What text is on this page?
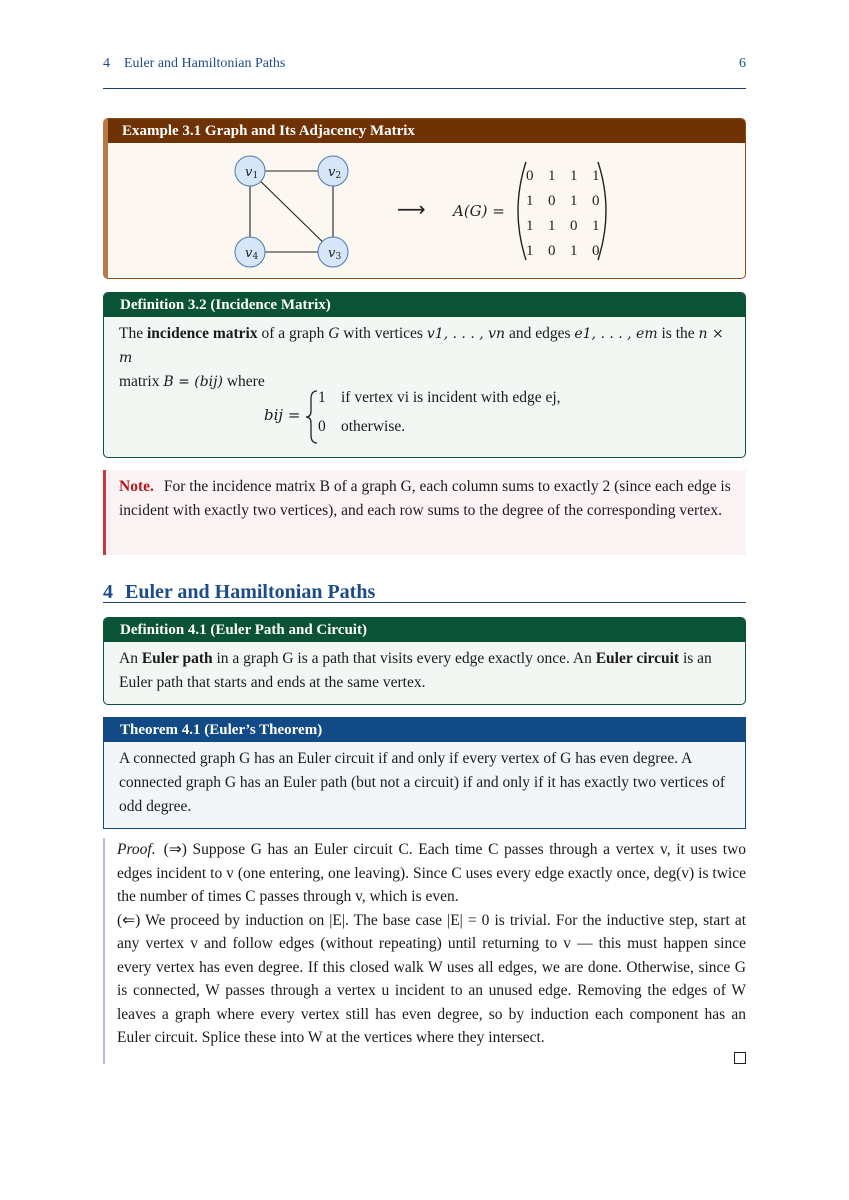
4 Euler and Hamiltonian Paths	6
Example 3.1 Graph and Its Adjacency Matrix
v 1	v 2
v 4	v 3
⟶ A(G) =
0 1 1 1
1 0 1 0
1 1 0 1
1 0 1 0
Definition 3.2 (Incidence Matrix)
The incidence matrix of a graph G with vertices v1, . . . , vn and edges e1, . . . , em is the n × m
matrix B = (bij) where
bij =
1 if vertex vi is incident with edge ej,
0 otherwise.
Note. For the incidence matrix B of a graph G, each column sums to exactly 2 (since each edge is incident with exactly two vertices), and each row sums to the degree of the corresponding vertex.
4 Euler and Hamiltonian Paths
Definition 4.1 (Euler Path and Circuit)
An Euler path in a graph G is a path that visits every edge exactly once. An Euler circuit is an Euler path that starts and ends at the same vertex.
Theorem 4.1 (Euler’s Theorem)
A connected graph G has an Euler circuit if and only if every vertex of G has even degree. A connected graph G has an Euler path (but not a circuit) if and only if it has exactly two vertices of odd degree.

Proof. (⇒) Suppose G has an Euler circuit C. Each time C passes through a vertex v, it uses two edges incident to v (one entering, one leaving). Since C uses every edge exactly once, deg(v) is twice the number of times C passes through v, which is even.

(⇐) We proceed by induction on |E|. The base case |E| = 0 is trivial. For the inductive step, start at any vertex v and follow edges (without repeating) until returning to v — this must happen since every vertex has even degree. If this closed walk W uses all edges, we are done. Otherwise, since G is connected, W passes through a vertex u incident to an unused edge. Removing the edges of W leaves a graph where every vertex still has even degree, so by induction each component has an Euler circuit. Splice these into W at the vertices where they intersect.
